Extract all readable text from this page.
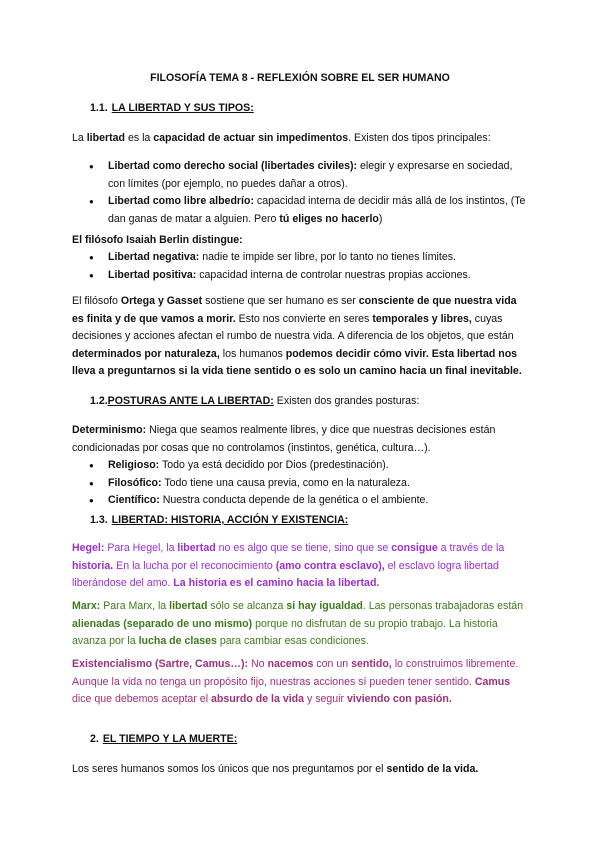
FILOSOFÍA TEMA 8 - REFLEXIÓN SOBRE EL SER HUMANO
1.1. LA LIBERTAD Y SUS TIPOS:
La libertad es la capacidad de actuar sin impedimentos. Existen dos tipos principales:
● Libertad como derecho social (libertades civiles): elegir y expresarse en sociedad, con límites (por ejemplo, no puedes dañar a otros).
● Libertad como libre albedrío: capacidad interna de decidir más allá de los instintos, (Te dan ganas de matar a alguien. Pero tú eliges no hacerlo)
El filósofo Isaiah Berlin distingue:
● Libertad negativa: nadie te impide ser libre, por lo tanto no tienes límites.
● Libertad positiva: capacidad interna de controlar nuestras propias acciones.
El filósofo Ortega y Gasset sostiene que ser humano es ser consciente de que nuestra vida es finita y de que vamos a morir. Esto nos convierte en seres temporales y libres, cuyas decisiones y acciones afectan el rumbo de nuestra vida. A diferencia de los objetos, que están determinados por naturaleza, los humanos podemos decidir cómo vivir. Esta libertad nos lleva a preguntarnos si la vida tiene sentido o es solo un camino hacia un final inevitable.
1.2.POSTURAS ANTE LA LIBERTAD: Existen dos grandes posturas:
Determinismo: Niega que seamos realmente libres, y dice que nuestras decisiones están condicionadas por cosas que no controlamos (instintos, genética, cultura…).
● Religioso: Todo ya está decidido por Dios (predestinación).
● Filosófico: Todo tiene una causa previa, como en la naturaleza.
● Científico: Nuestra conducta depende de la genética o el ambiente.
1.3. LIBERTAD: HISTORIA, ACCIÓN Y EXISTENCIA:
Hegel: Para Hegel, la libertad no es algo que se tiene, sino que se consigue a través de la historia. En la lucha por el reconocimiento (amo contra esclavo), el esclavo logra libertad liberándose del amo. La historia es el camino hacia la libertad.
Marx: Para Marx, la libertad sólo se alcanza si hay igualdad. Las personas trabajadoras están alienadas (separado de uno mismo) porque no disfrutan de su propio trabajo. La historia avanza por la lucha de clases para cambiar esas condiciones.
Existencialismo (Sartre, Camus…): No nacemos con un sentido, lo construimos libremente. Aunque la vida no tenga un propósito fijo, nuestras acciones sí pueden tener sentido. Camus dice que debemos aceptar el absurdo de la vida y seguir viviendo con pasión.
2. EL TIEMPO Y LA MUERTE:
Los seres humanos somos los únicos que nos preguntamos por el sentido de la vida.
